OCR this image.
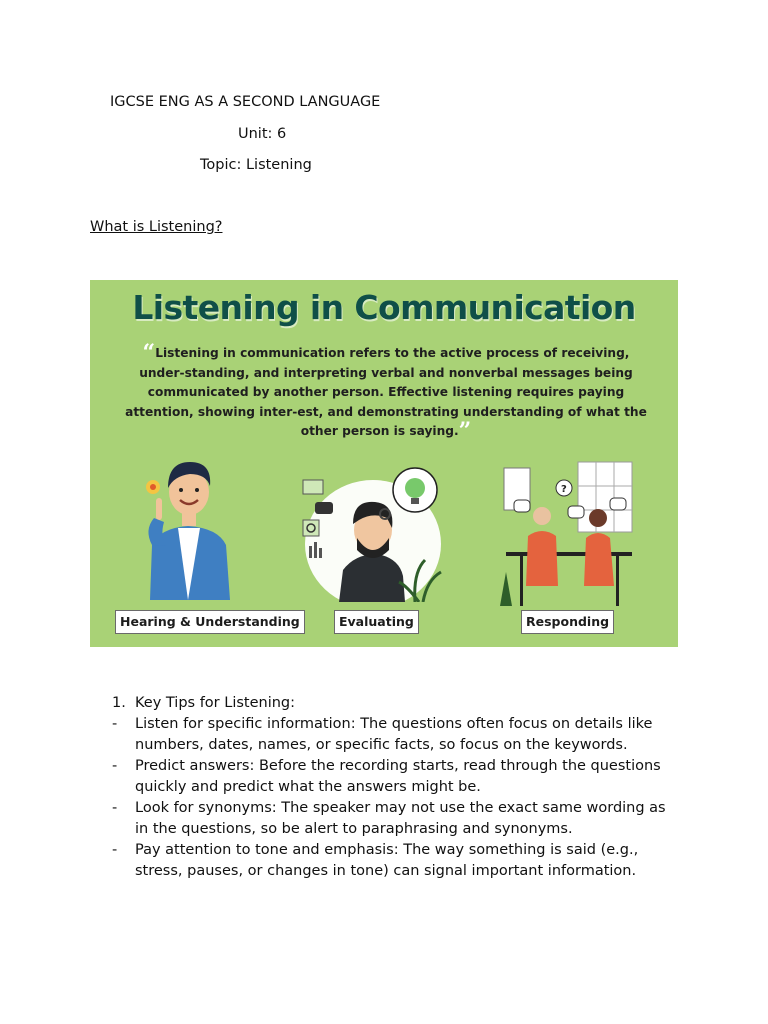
IGCSE ENG AS A SECOND LANGUAGE
Unit: 6
Topic: Listening
What is Listening?
Listening in Communication
“Listening in communication refers to the active process of receiving, under-standing, and interpreting verbal and nonverbal messages being communicated by another person. Effective listening requires paying attention, showing inter-est, and demonstrating understanding of what the other person is saying.”
?
Hearing & Understanding	Evaluating	Responding
1. Key Tips for Listening:
-	Listen for specific information: The questions often focus on details like numbers, dates, names, or specific facts, so focus on the keywords.
-	Predict answers: Before the recording starts, read through the questions quickly and predict what the answers might be.
-	Look for synonyms: The speaker may not use the exact same wording as in the questions, so be alert to paraphrasing and synonyms.
-	Pay attention to tone and emphasis: The way something is said (e.g., stress, pauses, or changes in tone) can signal important information.
